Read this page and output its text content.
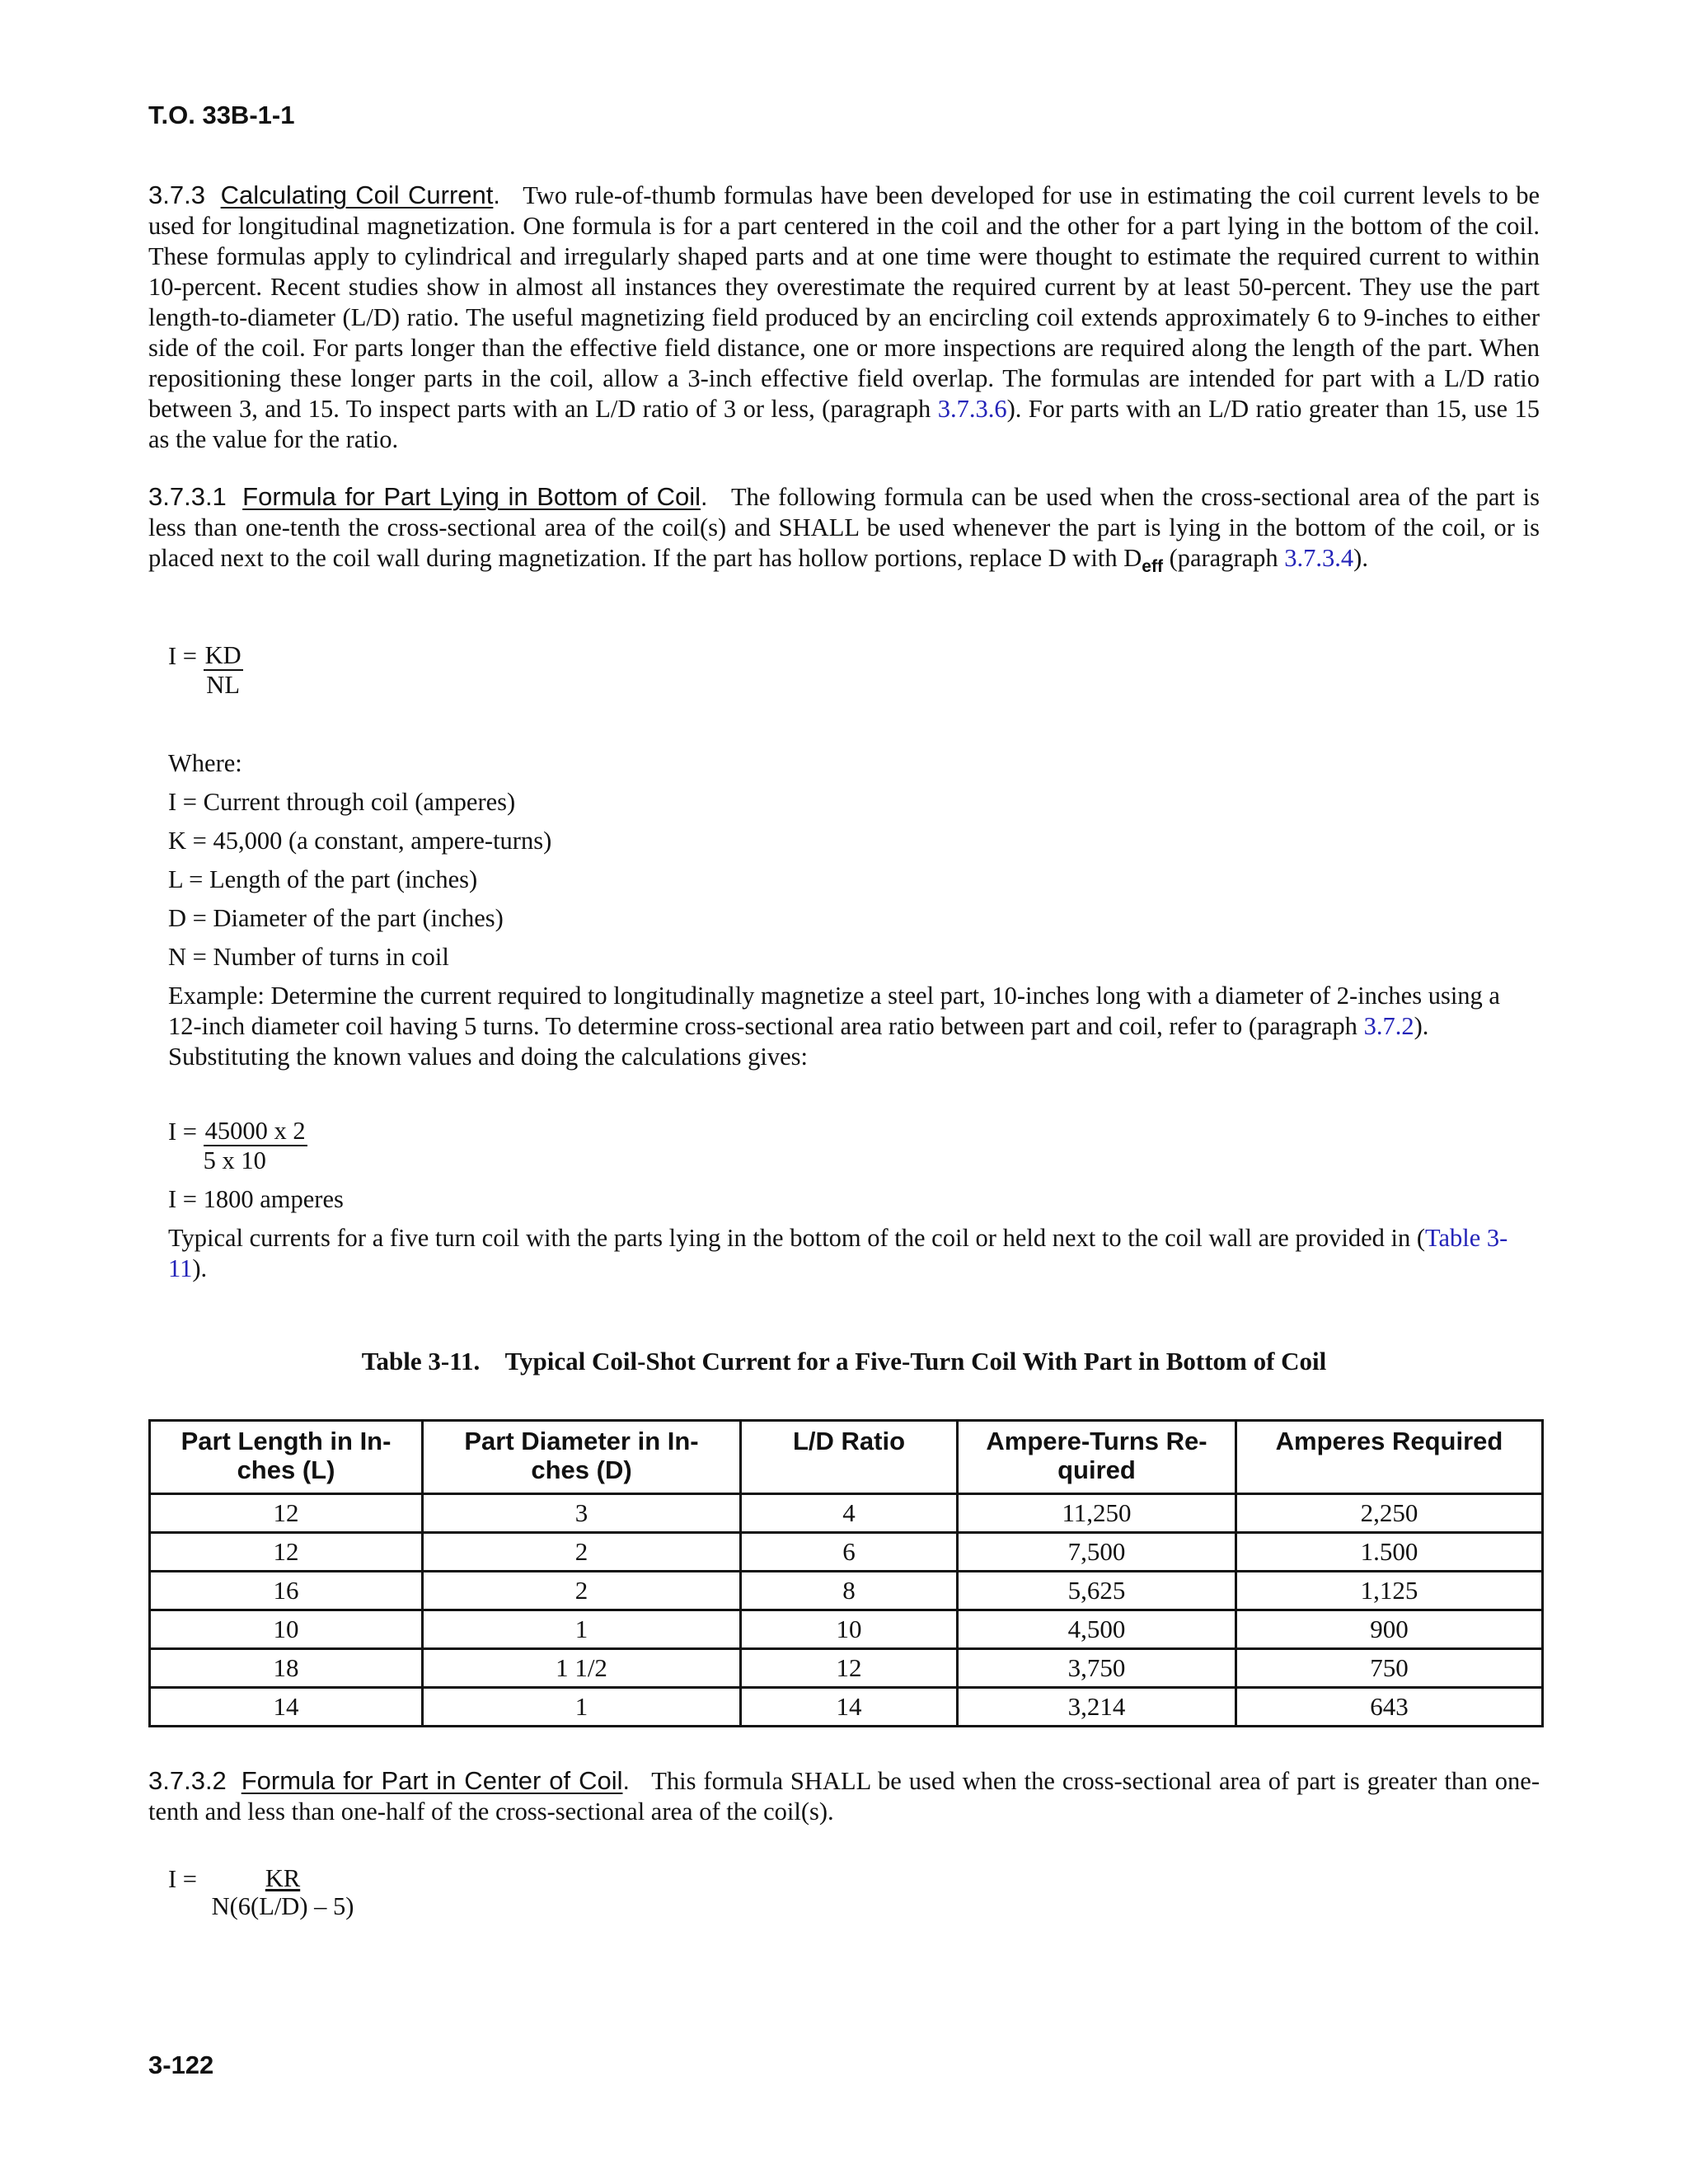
T.O. 33B-1-1

3.7.3 Calculating Coil Current. Two rule-of-thumb formulas have been developed for use in estimating the coil current levels to be used for longitudinal magnetization. One formula is for a part centered in the coil and the other for a part lying in the bottom of the coil. These formulas apply to cylindrical and irregularly shaped parts and at one time were thought to estimate the required current to within 10-percent. Recent studies show in almost all instances they overestimate the required current by at least 50-percent. They use the part length-to-diameter (L/D) ratio. The useful magnetizing field produced by an encircling coil extends approximately 6 to 9-inches to either side of the coil. For parts longer than the effective field distance, one or more inspections are required along the length of the part. When repositioning these longer parts in the coil, allow a 3-inch effective field overlap. The formulas are intended for part with a L/D ratio between 3, and 15. To inspect parts with an L/D ratio of 3 or less, (paragraph 3.7.3.6). For parts with an L/D ratio greater than 15, use 15 as the value for the ratio.

3.7.3.1 Formula for Part Lying in Bottom of Coil. The following formula can be used when the cross-sectional area of the part is less than one-tenth the cross-sectional area of the coil(s) and SHALL be used whenever the part is lying in the bottom of the coil, or is placed next to the coil wall during magnetization. If the part has hollow portions, replace D with $D_{eff}$ (paragraph 3.7.3.4).

$I = \frac{KD}{NL}$
Where:
I = Current through coil (amperes)
K = 45,000 (a constant, ampere-turns)
L = Length of the part (inches)
D = Diameter of the part (inches)
N = Number of turns in coil

Example: Determine the current required to longitudinally magnetize a steel part, 10-inches long with a diameter of 2-inches using a 12-inch diameter coil having 5 turns. To determine cross-sectional area ratio between part and coil, refer to (paragraph 3.7.2). Substituting the known values and doing the calculations gives:

$I = \frac{45000 x 2}{5 x 10}$
I = 1800 amperes

Typical currents for a five turn coil with the parts lying in the bottom of the coil or held next to the coil wall are provided in (Table 3-11).

Table 3-11.    Typical Coil-Shot Current for a Five-Turn Coil With Part in Bottom of Coil
Part Length in In- ches (L)	Part Diameter in In- ches (D)	L/D Ratio	Ampere-Turns Re- quired	Amperes Required
12	3	4	11,250	2,250
12	2	6	7,500	1.500
16	2	8	5,625	1,125
10	1	10	4,500	900
18	1 1/2	12	3,750	750
14	1	14	3,214	643

3.7.3.2 Formula for Part in Center of Coil. This formula SHALL be used when the cross-sectional area of part is greater than one-tenth and less than one-half of the cross-sectional area of the coil(s).

$I = \frac{KR}{N(6(L/D) - 5)}$
3-122
